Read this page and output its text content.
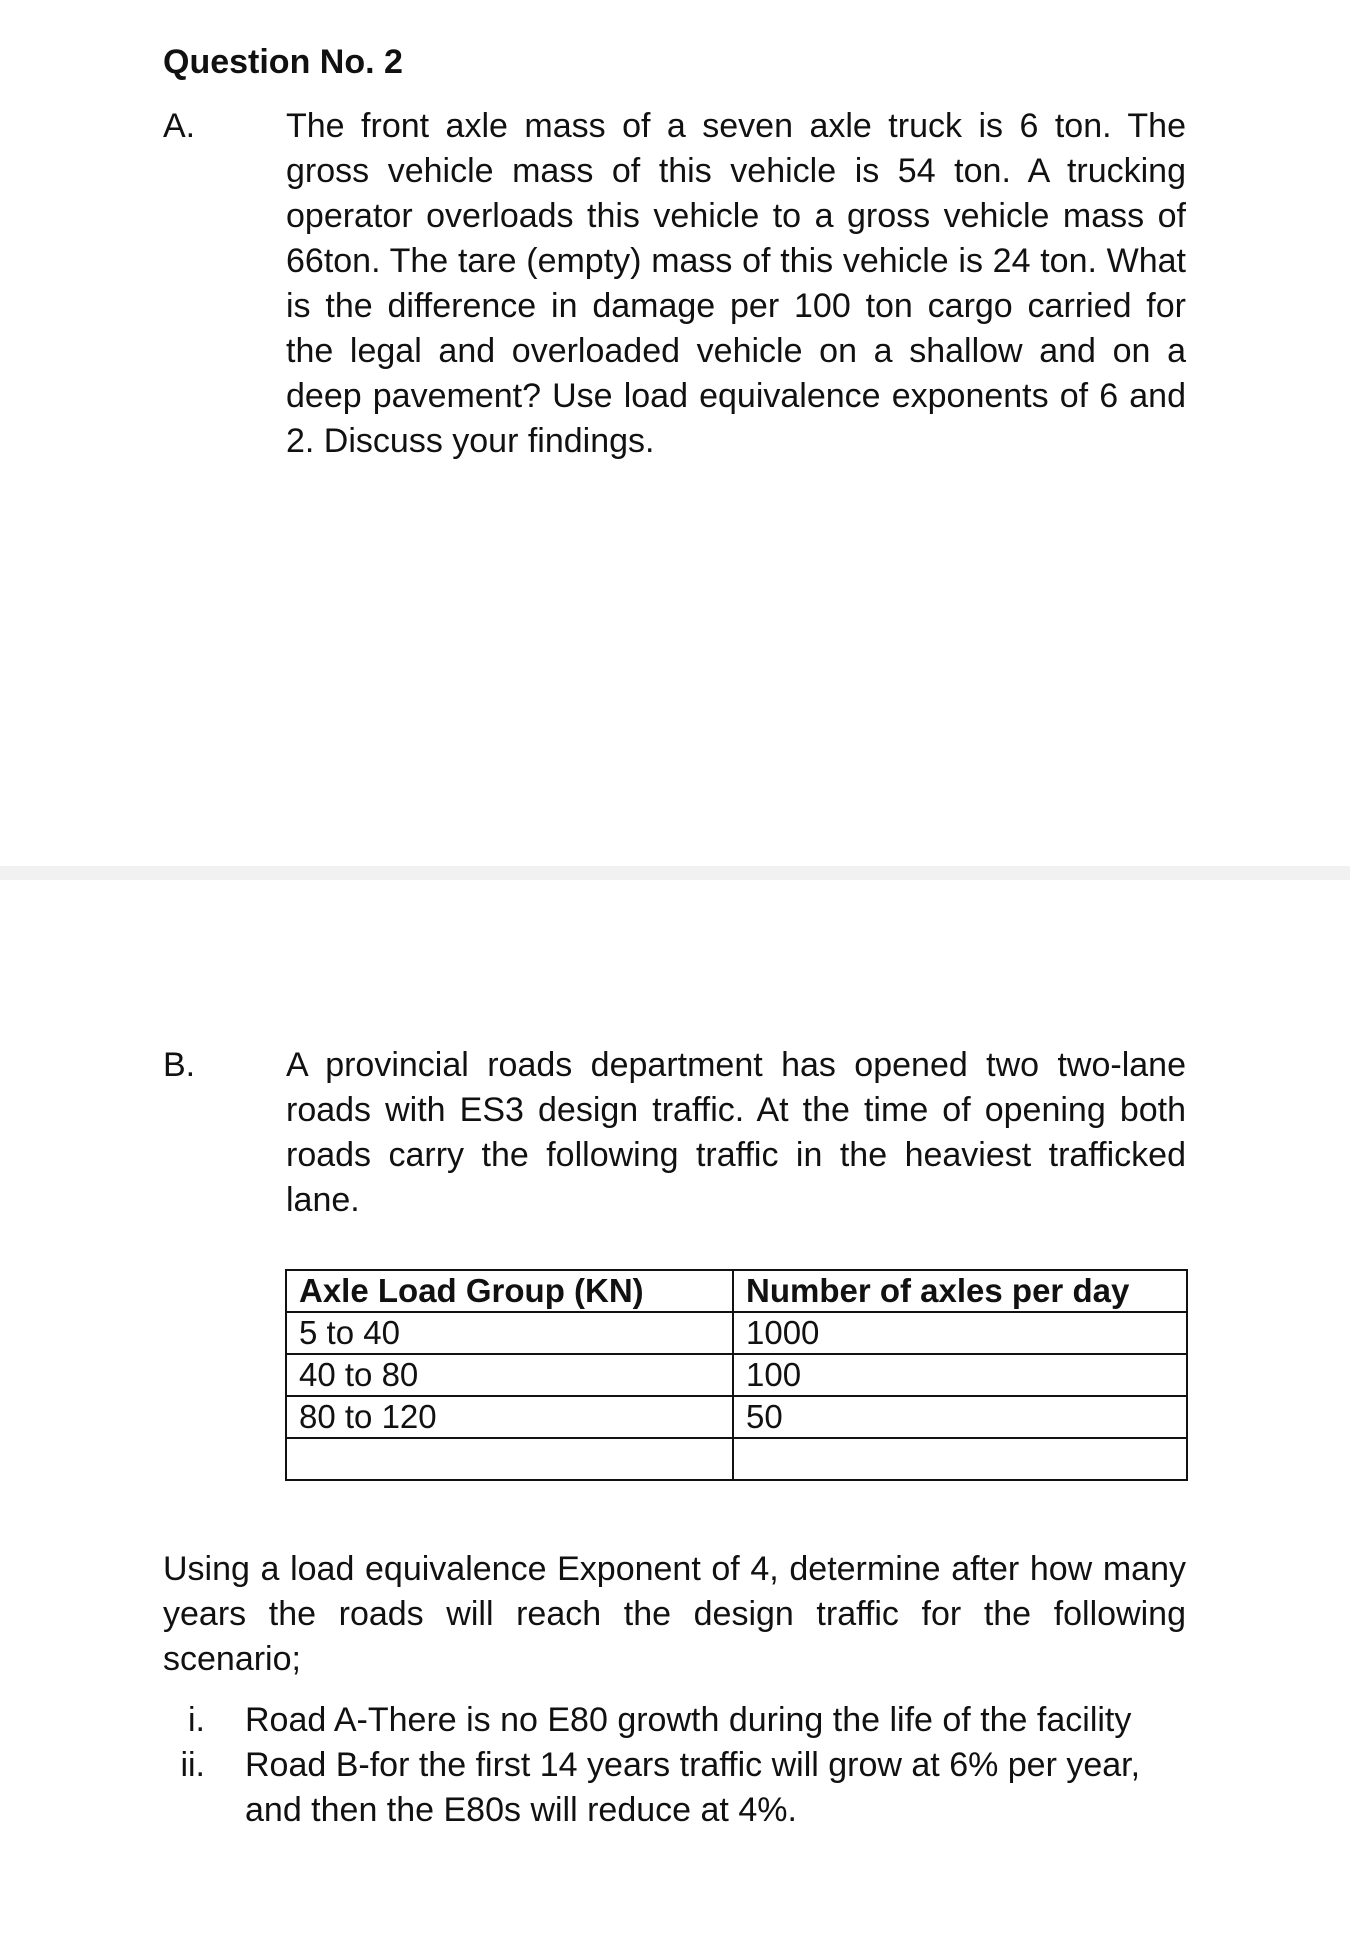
Question No. 2
A.	The front axle mass of a seven axle truck is 6 ton. The gross vehicle mass of this vehicle is 54 ton. A trucking operator overloads this vehicle to a gross vehicle mass of 66ton. The tare (empty) mass of this vehicle is 24 ton. What is the difference in damage per 100 ton cargo carried for the legal and overloaded vehicle on a shallow and on a deep pavement? Use load equivalence exponents of 6 and 2. Discuss your findings.

B.	A provincial roads department has opened two two-lane roads with ES3 design traffic. At the time of opening both roads carry the following traffic in the heaviest trafficked lane.

Axle Load Group (KN)	Number of axles per day
5 to 40	1000
40 to 80	100
80 to 120	50

Using a load equivalence Exponent of 4, determine after how many years the roads will reach the design traffic for the following scenario;

i. Road A-There is no E80 growth during the life of the facility
ii. Road B-for the first 14 years traffic will grow at 6% per year, and then the E80s will reduce at 4%.
